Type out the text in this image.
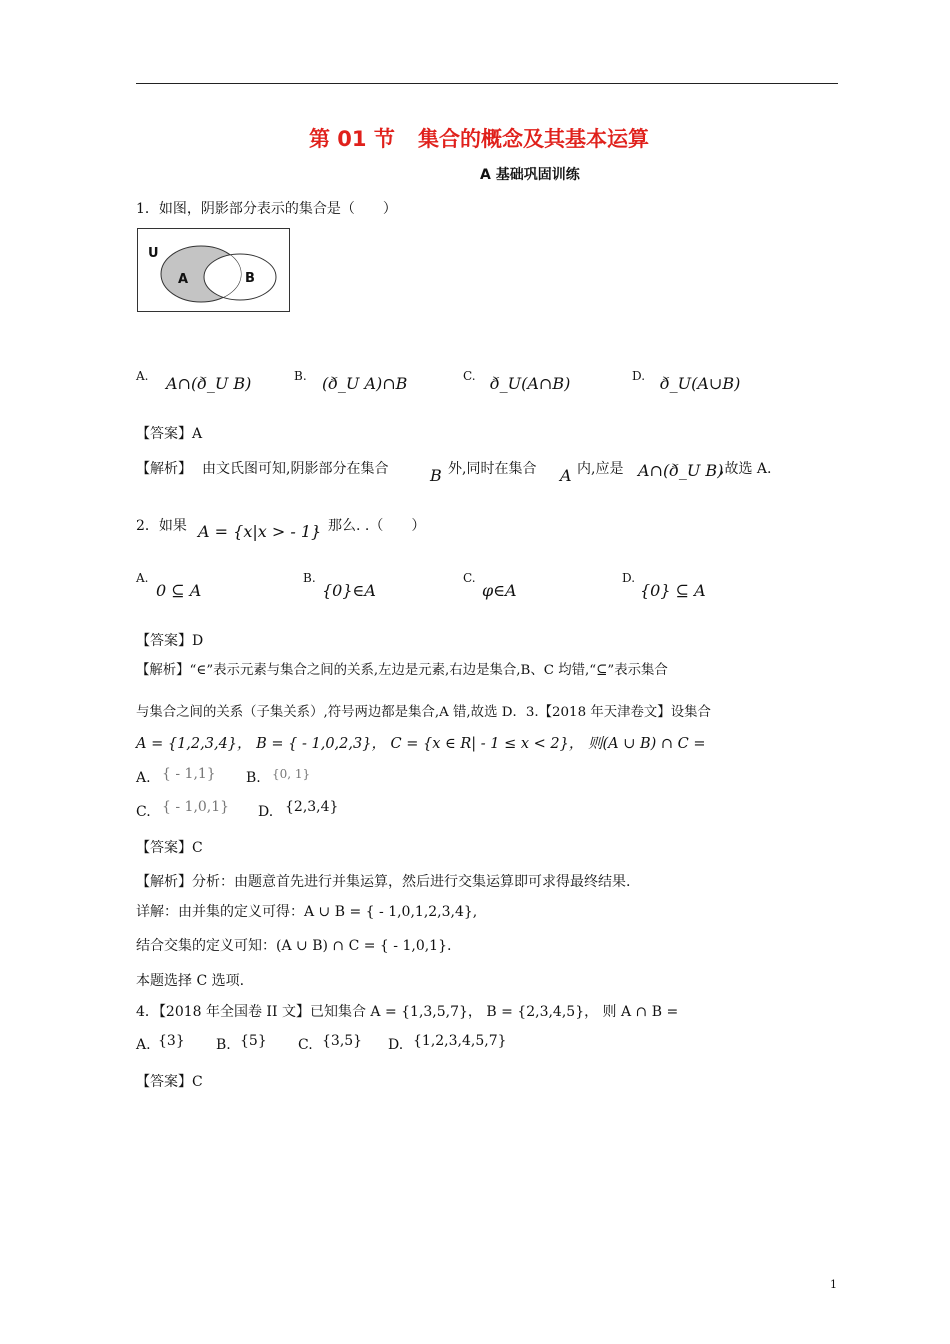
第 01 节 集合的概念及其基本运算
A 基础巩固训练
1．如图，阴影部分表示的集合是（　　）
U
A	B
A. A∩(ð_U B)	B. (ð_U A)∩B	C. ð_U(A∩B)	D. ð_U(A∪B)
【答案】A
【解析】 由文氏图可知,阴影部分在集合	B 外,同时在集合 A 内,应是 A∩(ð_U B)
,故选 A.
2．如果 A = {x|x > - 1}
，那么. .（　　）
A.
0 ⊆ A
B.
{0}∈A
C.
φ∈A
D.
{0} ⊆ A
【答案】D
【解析】“∈”表示元素与集合之间的关系,左边是元素,右边是集合,B、C 均错,“⊆”表示集合
与集合之间的关系（子集关系）,符号两边都是集合,A 错,故选 D．3.【2018 年天津卷文】设集合
A = {1,2,3,4}， B = { - 1,0,2,3}， C = {x ∈ R| - 1 ≤ x < 2}， 则(A ∪ B) ∩ C =
A. { - 1,1} B. {0, 1}
C. { - 1,0,1} D. {2,3,4}
【答案】C
【解析】分析：由题意首先进行并集运算，然后进行交集运算即可求得最终结果.
详解：由并集的定义可得：A ∪ B = { - 1,0,1,2,3,4},
结合交集的定义可知：(A ∪ B) ∩ C = { - 1,0,1}.
本题选择 C 选项.
4．【2018 年全国卷 II 文】已知集合 A = {1,3,5,7}， B = {2,3,4,5}， 则 A ∩ B =
A. {3} B. {5} C. {3,5} D. {1,2,3,4,5,7}
【答案】C
1
